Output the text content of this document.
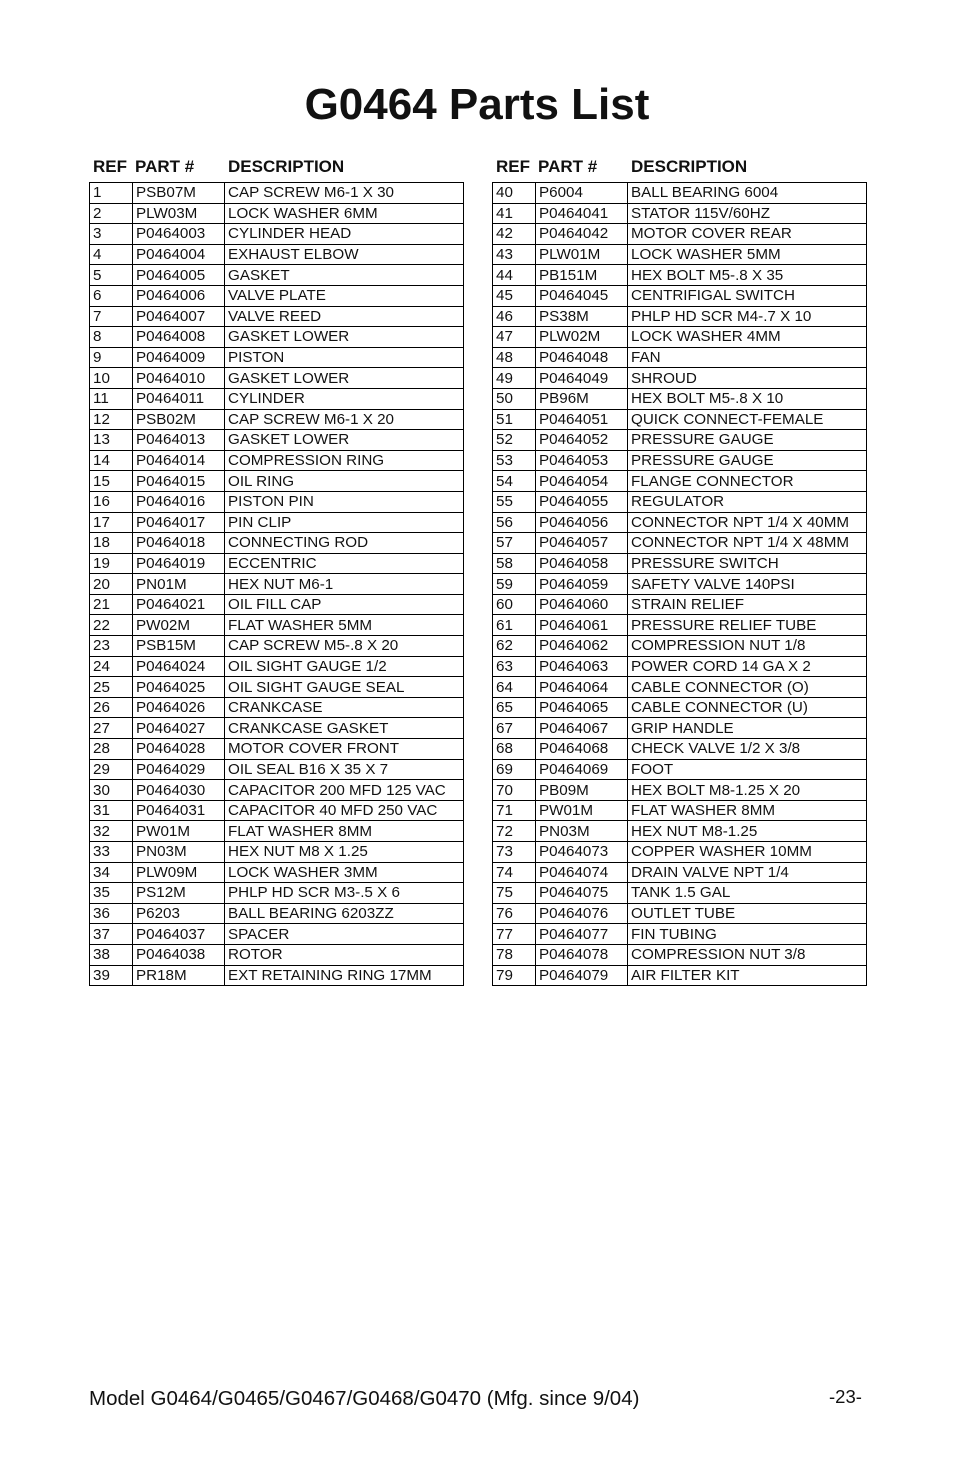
G0464 Parts List
REF PART # DESCRIPTION
1	PSB07M	CAP SCREW M6-1 X 30
2	PLW03M	LOCK WASHER 6MM
3	P0464003	CYLINDER HEAD
4	P0464004	EXHAUST ELBOW
5	P0464005	GASKET
6	P0464006	VALVE PLATE
7	P0464007	VALVE REED
8	P0464008	GASKET LOWER
9	P0464009	PISTON
10	P0464010	GASKET LOWER
11	P0464011	CYLINDER
12	PSB02M	CAP SCREW M6-1 X 20
13	P0464013	GASKET LOWER
14	P0464014	COMPRESSION RING
15	P0464015	OIL RING
16	P0464016	PISTON PIN
17	P0464017	PIN CLIP
18	P0464018	CONNECTING ROD
19	P0464019	ECCENTRIC
20	PN01M	HEX NUT M6-1
21	P0464021	OIL FILL CAP
22	PW02M	FLAT WASHER 5MM
23	PSB15M	CAP SCREW M5-.8 X 20
24	P0464024	OIL SIGHT GAUGE 1/2
25	P0464025	OIL SIGHT GAUGE SEAL
26	P0464026	CRANKCASE
27	P0464027	CRANKCASE GASKET
28	P0464028	MOTOR COVER FRONT
29	P0464029	OIL SEAL B16 X 35 X 7
30	P0464030	CAPACITOR 200 MFD 125 VAC
31	P0464031	CAPACITOR 40 MFD 250 VAC
32	PW01M	FLAT WASHER 8MM
33	PN03M	HEX NUT M8 X 1.25
34	PLW09M	LOCK WASHER 3MM
35	PS12M	PHLP HD SCR M3-.5 X 6
36	P6203	BALL BEARING 6203ZZ
37	P0464037	SPACER
38	P0464038	ROTOR
39	PR18M	EXT RETAINING RING 17MM
REF PART # DESCRIPTION
40	P6004	BALL BEARING 6004
41	P0464041	STATOR 115V/60HZ
42	P0464042	MOTOR COVER REAR
43	PLW01M	LOCK WASHER 5MM
44	PB151M	HEX BOLT M5-.8 X 35
45	P0464045	CENTRIFIGAL SWITCH
46	PS38M	PHLP HD SCR M4-.7 X 10
47	PLW02M	LOCK WASHER 4MM
48	P0464048	FAN
49	P0464049	SHROUD
50	PB96M	HEX BOLT M5-.8 X 10
51	P0464051	QUICK CONNECT-FEMALE
52	P0464052	PRESSURE GAUGE
53	P0464053	PRESSURE GAUGE
54	P0464054	FLANGE CONNECTOR
55	P0464055	REGULATOR
56	P0464056	CONNECTOR NPT 1/4 X 40MM
57	P0464057	CONNECTOR NPT 1/4 X 48MM
58	P0464058	PRESSURE SWITCH
59	P0464059	SAFETY VALVE 140PSI
60	P0464060	STRAIN RELIEF
61	P0464061	PRESSURE RELIEF TUBE
62	P0464062	COMPRESSION NUT 1/8
63	P0464063	POWER CORD 14 GA X 2
64	P0464064	CABLE CONNECTOR (O)
65	P0464065	CABLE CONNECTOR (U)
67	P0464067	GRIP HANDLE
68	P0464068	CHECK VALVE 1/2 X 3/8
69	P0464069	FOOT
70	PB09M	HEX BOLT M8-1.25 X 20
71	PW01M	FLAT WASHER 8MM
72	PN03M	HEX NUT M8-1.25
73	P0464073	COPPER WASHER 10MM
74	P0464074	DRAIN VALVE NPT 1/4
75	P0464075	TANK 1.5 GAL
76	P0464076	OUTLET TUBE
77	P0464077	FIN TUBING
78	P0464078	COMPRESSION NUT 3/8
79	P0464079	AIR FILTER KIT
Model G0464/G0465/G0467/G0468/G0470 (Mfg. since 9/04)	-23-
